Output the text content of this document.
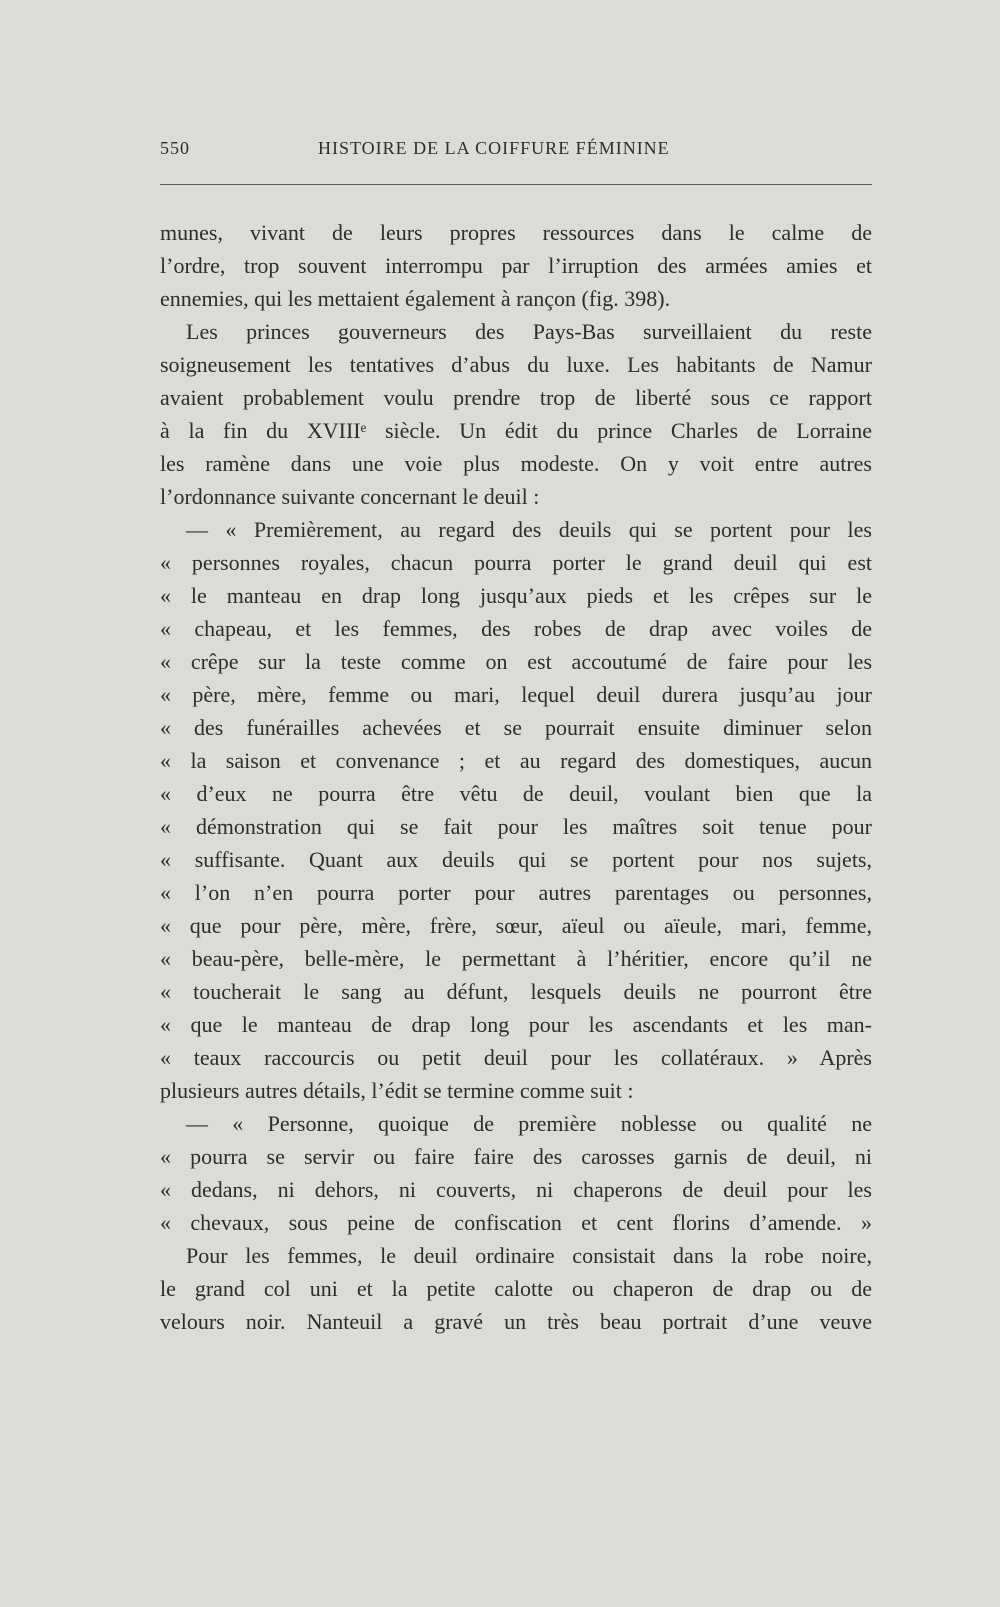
550	HISTOIRE DE LA COIFFURE FÉMININE
munes, vivant de leurs propres ressources dans le calme de
l’ordre, trop souvent interrompu par l’irruption des armées amies et
ennemies, qui les mettaient également à rançon (fig. 398).
Les princes gouverneurs des Pays-Bas surveillaient du reste
soigneusement les tentatives d’abus du luxe. Les habitants de Namur
avaient probablement voulu prendre trop de liberté sous ce rapport
à la fin du XVIIIᵉ siècle. Un édit du prince Charles de Lorraine
les ramène dans une voie plus modeste. On y voit entre autres
l’ordonnance suivante concernant le deuil :
— « Premièrement, au regard des deuils qui se portent pour les
« personnes royales, chacun pourra porter le grand deuil qui est
« le manteau en drap long jusqu’aux pieds et les crêpes sur le
« chapeau, et les femmes, des robes de drap avec voiles de
« crêpe sur la teste comme on est accoutumé de faire pour les
« père, mère, femme ou mari, lequel deuil durera jusqu’au jour
« des funérailles achevées et se pourrait ensuite diminuer selon
« la saison et convenance ; et au regard des domestiques, aucun
« d’eux ne pourra être vêtu de deuil, voulant bien que la
« démonstration qui se fait pour les maîtres soit tenue pour
« suffisante. Quant aux deuils qui se portent pour nos sujets,
« l’on n’en pourra porter pour autres parentages ou personnes,
« que pour père, mère, frère, sœur, aïeul ou aïeule, mari, femme,
« beau-père, belle-mère, le permettant à l’héritier, encore qu’il ne
« toucherait le sang au défunt, lesquels deuils ne pourront être
« que le manteau de drap long pour les ascendants et les man-
« teaux raccourcis ou petit deuil pour les collatéraux. » Après
plusieurs autres détails, l’édit se termine comme suit :
— « Personne, quoique de première noblesse ou qualité ne
« pourra se servir ou faire faire des carosses garnis de deuil, ni
« dedans, ni dehors, ni couverts, ni chaperons de deuil pour les
« chevaux, sous peine de confiscation et cent florins d’amende. »
Pour les femmes, le deuil ordinaire consistait dans la robe noire,
le grand col uni et la petite calotte ou chaperon de drap ou de
velours noir. Nanteuil a gravé un très beau portrait d’une veuve
